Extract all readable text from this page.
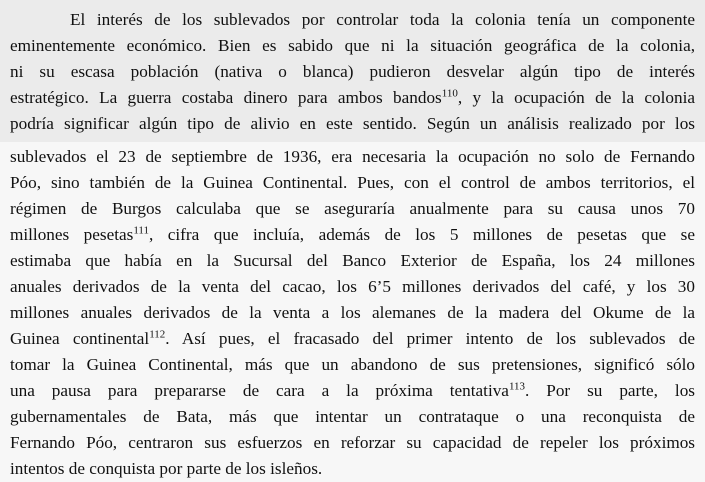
El interés de los sublevados por controlar toda la colonia tenía un componente
eminentemente económico. Bien es sabido que ni la situación geográfica de la colonia,
ni su escasa población (nativa o blanca) pudieron desvelar algún tipo de interés
estratégico. La guerra costaba dinero para ambos bandos$^{110}$, y la ocupación de la colonia
podría significar algún tipo de alivio en este sentido. Según un análisis realizado por los
sublevados el 23 de septiembre de 1936, era necesaria la ocupación no solo de Fernando
Póo, sino también de la Guinea Continental. Pues, con el control de ambos territorios, el
régimen de Burgos calculaba que se aseguraría anualmente para su causa unos 70
millones pesetas$^{111}$, cifra que incluía, además de los 5 millones de pesetas que se
estimaba que había en la Sucursal del Banco Exterior de España, los 24 millones
anuales derivados de la venta del cacao, los 6’5 millones derivados del café, y los 30
millones anuales derivados de la venta a los alemanes de la madera del Okume de la
Guinea continental$^{112}$. Así pues, el fracasado del primer intento de los sublevados de
tomar la Guinea Continental, más que un abandono de sus pretensiones, significó sólo
una pausa para prepararse de cara a la próxima tentativa$^{113}$. Por su parte, los
gubernamentales de Bata, más que intentar un contrataque o una reconquista de
Fernando Póo, centraron sus esfuerzos en reforzar su capacidad de repeler los próximos
intentos de conquista por parte de los isleños.
